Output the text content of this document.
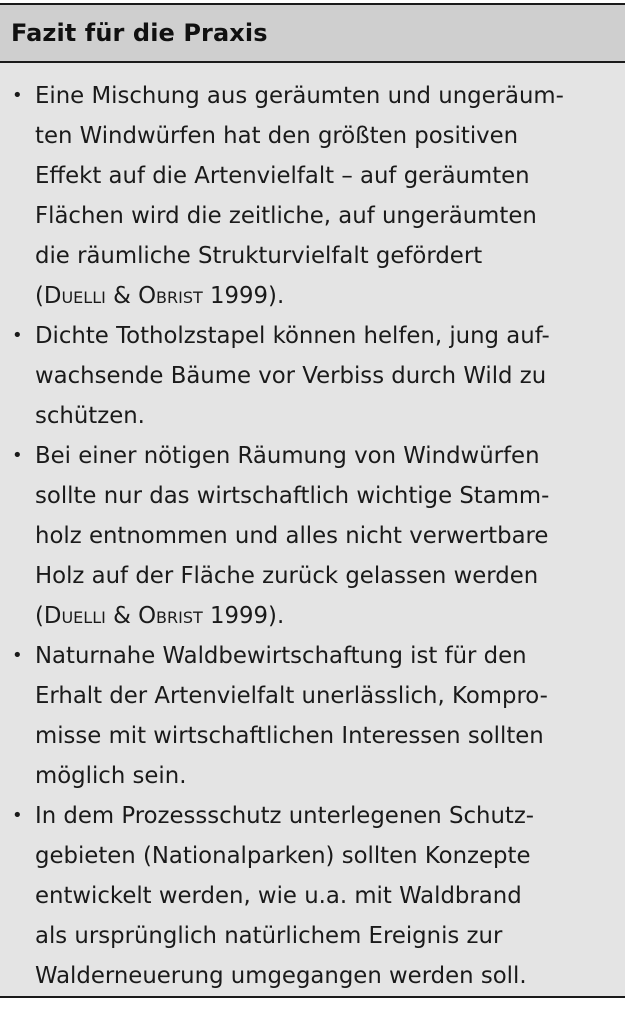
Fazit für die Praxis
• Eine Mischung aus geräumten und ungeräum-
ten Windwürfen hat den größten positiven
Effekt auf die Artenvielfalt – auf geräumten
Flächen wird die zeitliche, auf ungeräumten
die räumliche Strukturvielfalt gefördert
(Duelli & Obrist 1999).
• Dichte Totholzstapel können helfen, jung auf-
wachsende Bäume vor Verbiss durch Wild zu
schützen.
• Bei einer nötigen Räumung von Windwürfen
sollte nur das wirtschaftlich wichtige Stamm-
holz entnommen und alles nicht verwertbare
Holz auf der Fläche zurück gelassen werden
(Duelli & Obrist 1999).
• Naturnahe Waldbewirtschaftung ist für den
Erhalt der Artenvielfalt unerlässlich, Kompro-
misse mit wirtschaftlichen Interessen sollten
möglich sein.
• In dem Prozessschutz unterlegenen Schutz-
gebieten (Nationalparken) sollten Konzepte
entwickelt werden, wie u.a. mit Waldbrand
als ursprünglich natürlichem Ereignis zur
Walderneuerung umgegangen werden soll.
